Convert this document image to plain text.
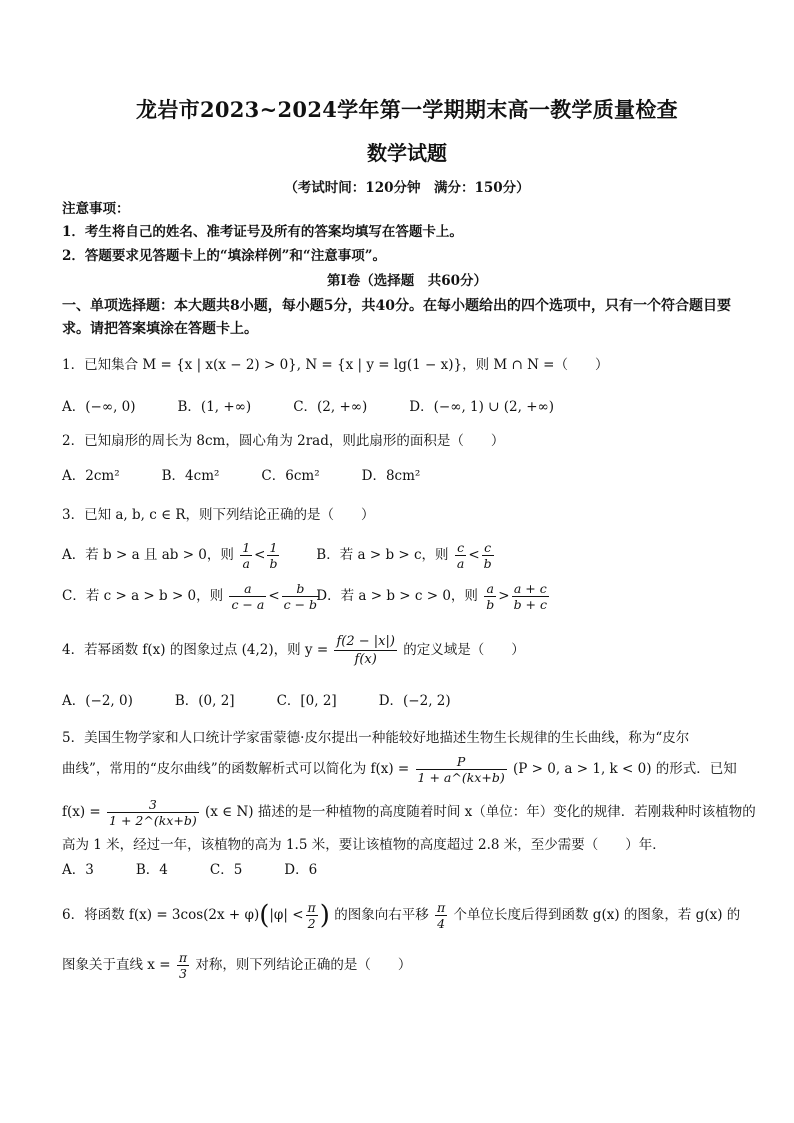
龙岩市2023~2024学年第一学期期末高一教学质量检查
数学试题
（考试时间：120分钟　满分：150分）
注意事项：
1．考生将自己的姓名、准考证号及所有的答案均填写在答题卡上。
2．答题要求见答题卡上的“填涂样例”和“注意事项”。
第Ⅰ卷（选择题　共60分）
一、单项选择题：本大题共8小题，每小题5分，共40分。在每小题给出的四个选项中，只有一个符合题目要求。请把答案填涂在答题卡上。
1．已知集合 M = {x | x(x − 2) > 0}, N = {x | y = lg(1 − x)}，则 M ∩ N =（　　）
A．(−∞, 0)	B．(1, +∞)	C．(2, +∞)	D．(−∞, 1) ∪ (2, +∞)
2．已知扇形的周长为 8cm，圆心角为 2rad，则此扇形的面积是（　　）
A．2cm²	B．4cm²	C．6cm²	D．8cm²
3．已知 a, b, c ∈ R，则下列结论正确的是（　　）
A．若 b > a 且 ab > 0，则 $\frac{1}{a} < \frac{1}{b}$	B．若 a > b > c，则 $\frac{c}{a} < \frac{c}{b}$
C．若 c > a > b > 0，则 $\frac{a}{c - a} < \frac{b}{c - b}$
D．若 a > b > c > 0，则 $\frac{a}{b} > \frac{a + c}{b + c}$
4．若幂函数 f(x) 的图象过点 (4,2)，则 $y = \frac{f(2 - |x|)}{f(x)}$ 的定义域是（　　）
A．(−2, 0)	B．(0, 2]	C．[0, 2]	D．(−2, 2)
5．美国生物学家和人口统计学家雷蒙德·皮尔提出一种能较好地描述生物生长规律的生长曲线，称为“皮尔
曲线”，常用的“皮尔曲线”的函数解析式可以简化为 $f(x) = \frac{P}{1 + a\^{}(kx+b)} (P > 0$, a > 1, k < 0) 的形式．已知
$f(x) = \frac{3}{1 + 2\^{}(kx+b)} (x$ ∈ N) 描述的是一种植物的高度随着时间 x（单位：年）变化的规律．若刚栽种时该植物的
高为 1 米，经过一年，该植物的高为 1.5 米，要让该植物的高度超过 2.8 米，至少需要（　　）年．
A．3	B．4	C．5	D．6
6．将函数 $f(x) = 3\cos(2x + \varphi)(|\varphi| < \frac{\pi}{2}$ ) 的图象向右平移 $\frac{\pi}{4}$ 个单位长度后得到函数 g(x) 的图象，若 g(x) 的
图象关于直线 $x = \frac{\pi}{3}$ 对称，则下列结论正确的是（　　）
